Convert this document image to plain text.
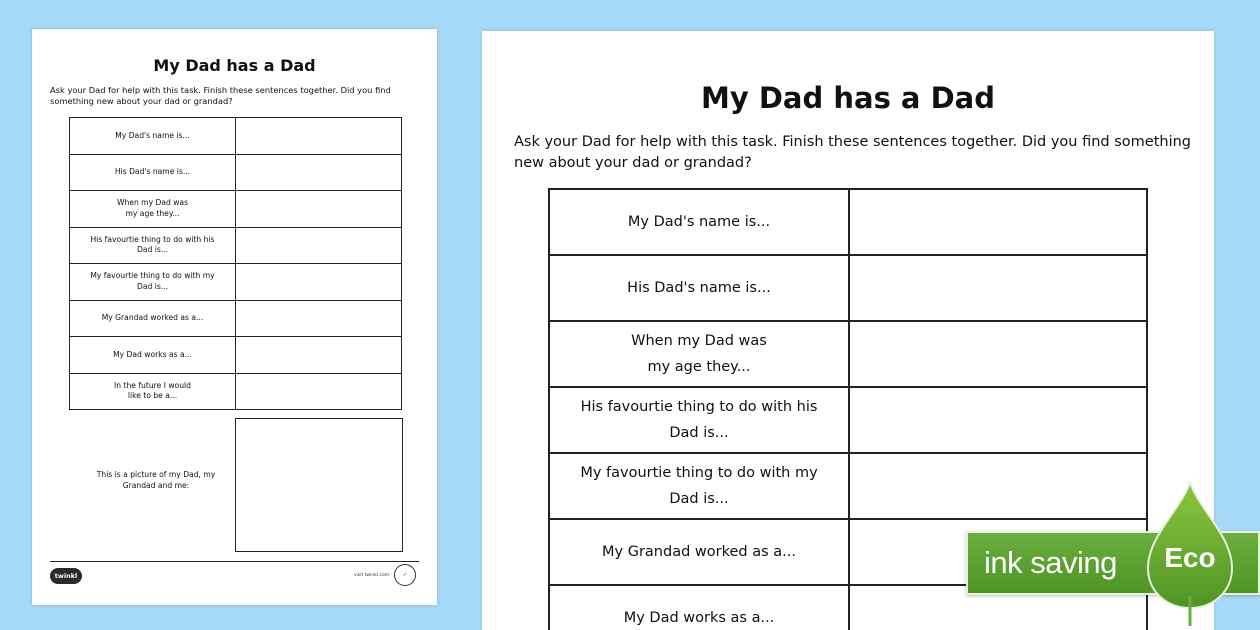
My Dad has a Dad
Ask your Dad for help with this task. Finish these sentences together. Did you find something new about your dad or grandad?
My Dad's name is...	
His Dad's name is...	
When my Dad was
my age they...	
His favourtie thing to do with his
Dad is...	
My favourtie thing to do with my
Dad is...	
My Grandad worked as a...	
My Dad works as a...	
In the future I would
like to be a...	
This is a picture of my Dad, my
Grandad and me:
twinkl	visit twinkl.com	✓
My Dad has a Dad
Ask your Dad for help with this task. Finish these sentences together. Did you find something new about your dad or grandad?
My Dad's name is...	
His Dad's name is...	
When my Dad was
my age they...	
His favourtie thing to do with his
Dad is...	
My favourtie thing to do with my
Dad is...	
My Grandad worked as a...	
My Dad works as a...	
ink saving Eco
